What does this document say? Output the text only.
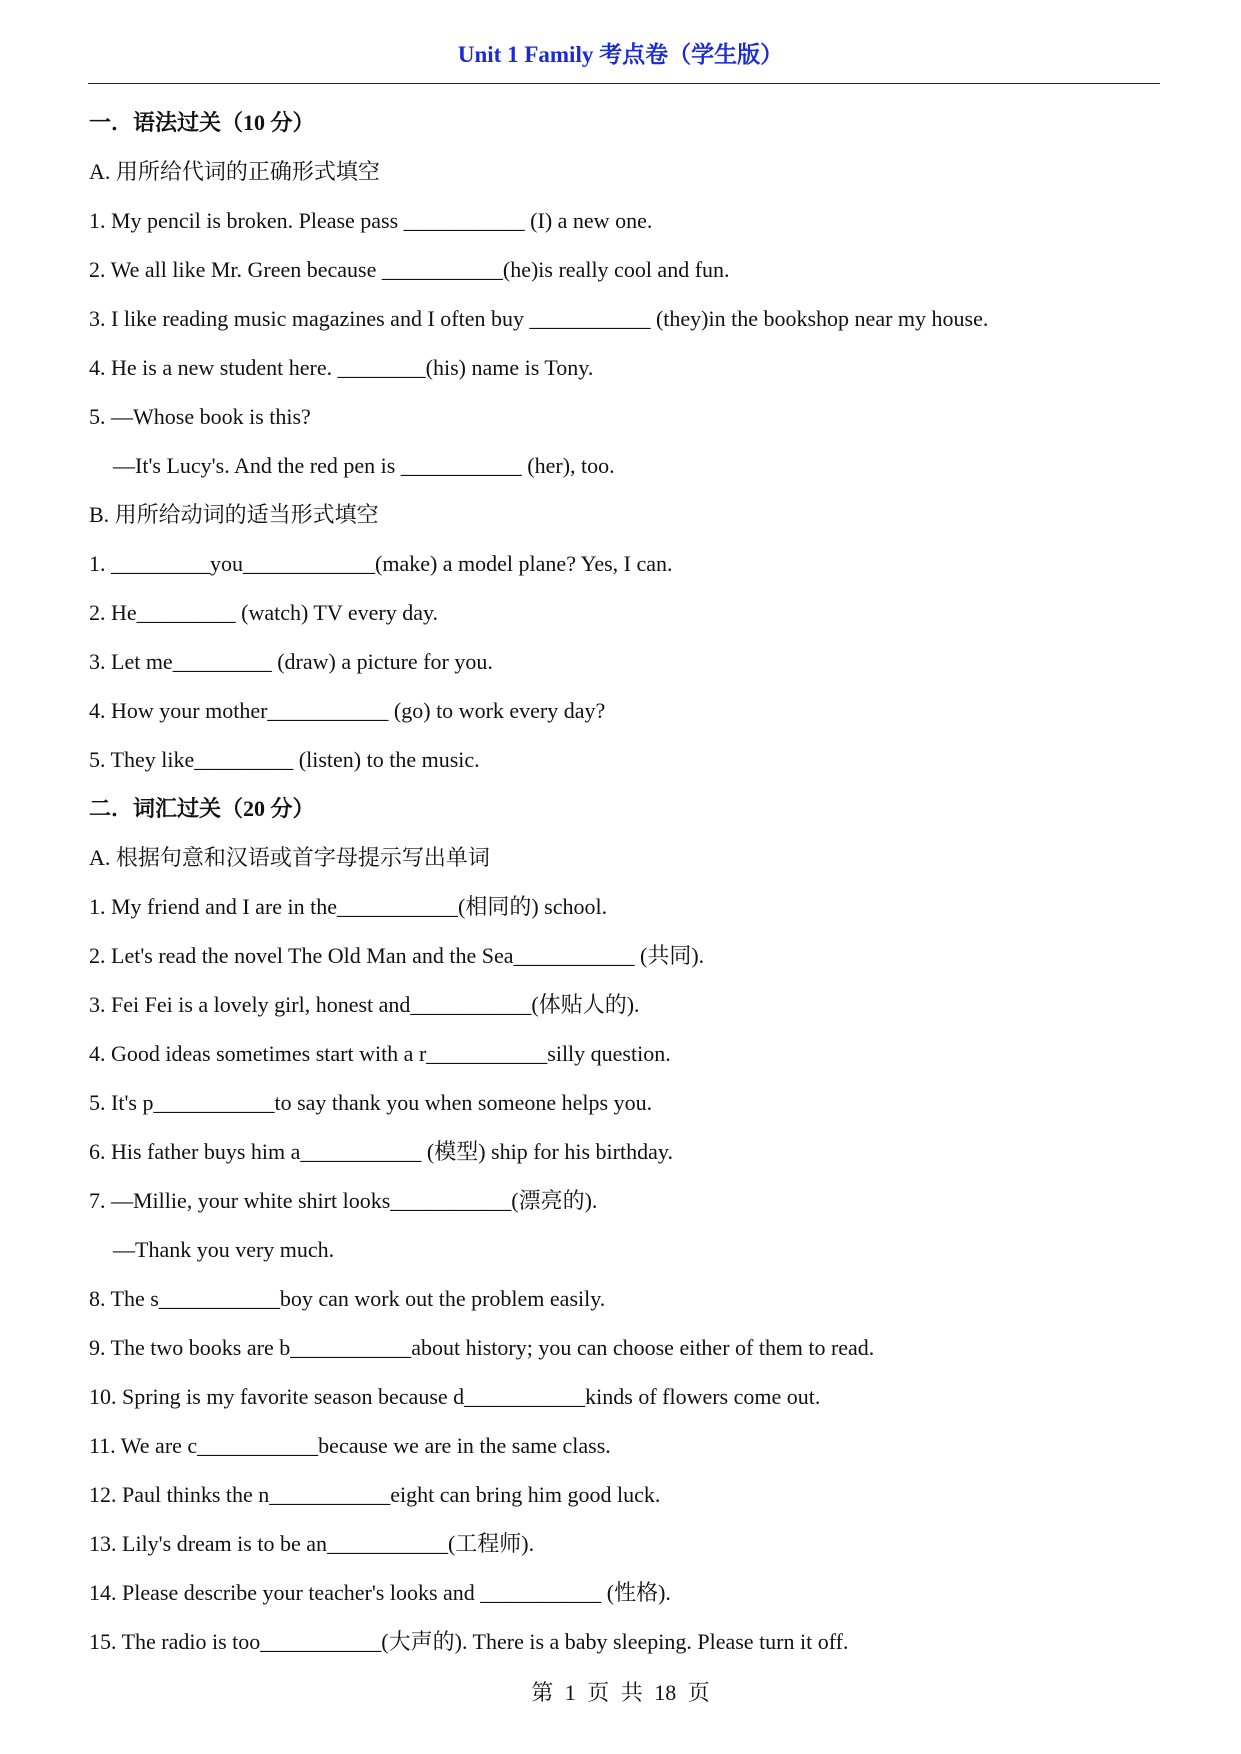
Unit 1 Family 考点卷（学生版）
一．语法过关（10 分）
A. 用所给代词的正确形式填空
1. My pencil is broken. Please pass ___________ (I) a new one.
2. We all like Mr. Green because ___________(he)is really cool and fun.
3. I like reading music magazines and I often buy ___________ (they)in the bookshop near my house.
4. He is a new student here. ________(his) name is Tony.
5. —Whose book is this?
—It's Lucy's. And the red pen is ___________ (her), too.
B. 用所给动词的适当形式填空
1. _________you____________(make) a model plane? Yes, I can.
2. He_________ (watch) TV every day.
3. Let me_________ (draw) a picture for you.
4. How your mother___________ (go) to work every day?
5. They like_________ (listen) to the music.
二．词汇过关（20 分）
A. 根据句意和汉语或首字母提示写出单词
1. My friend and I are in the___________(相同的) school.
2. Let's read the novel The Old Man and the Sea___________ (共同).
3. Fei Fei is a lovely girl, honest and___________(体贴人的).
4. Good ideas sometimes start with a r___________silly question.
5. It's p___________to say thank you when someone helps you.
6. His father buys him a___________ (模型) ship for his birthday.
7. —Millie, your white shirt looks___________(漂亮的).
—Thank you very much.
8. The s___________boy can work out the problem easily.
9. The two books are b___________about history; you can choose either of them to read.
10. Spring is my favorite season because d___________kinds of flowers come out.
11. We are c___________because we are in the same class.
12. Paul thinks the n___________eight can bring him good luck.
13. Lily's dream is to be an___________(工程师).
14. Please describe your teacher's looks and ___________ (性格).
15. The radio is too___________(大声的). There is a baby sleeping. Please turn it off.
第 1 页 共 18 页
